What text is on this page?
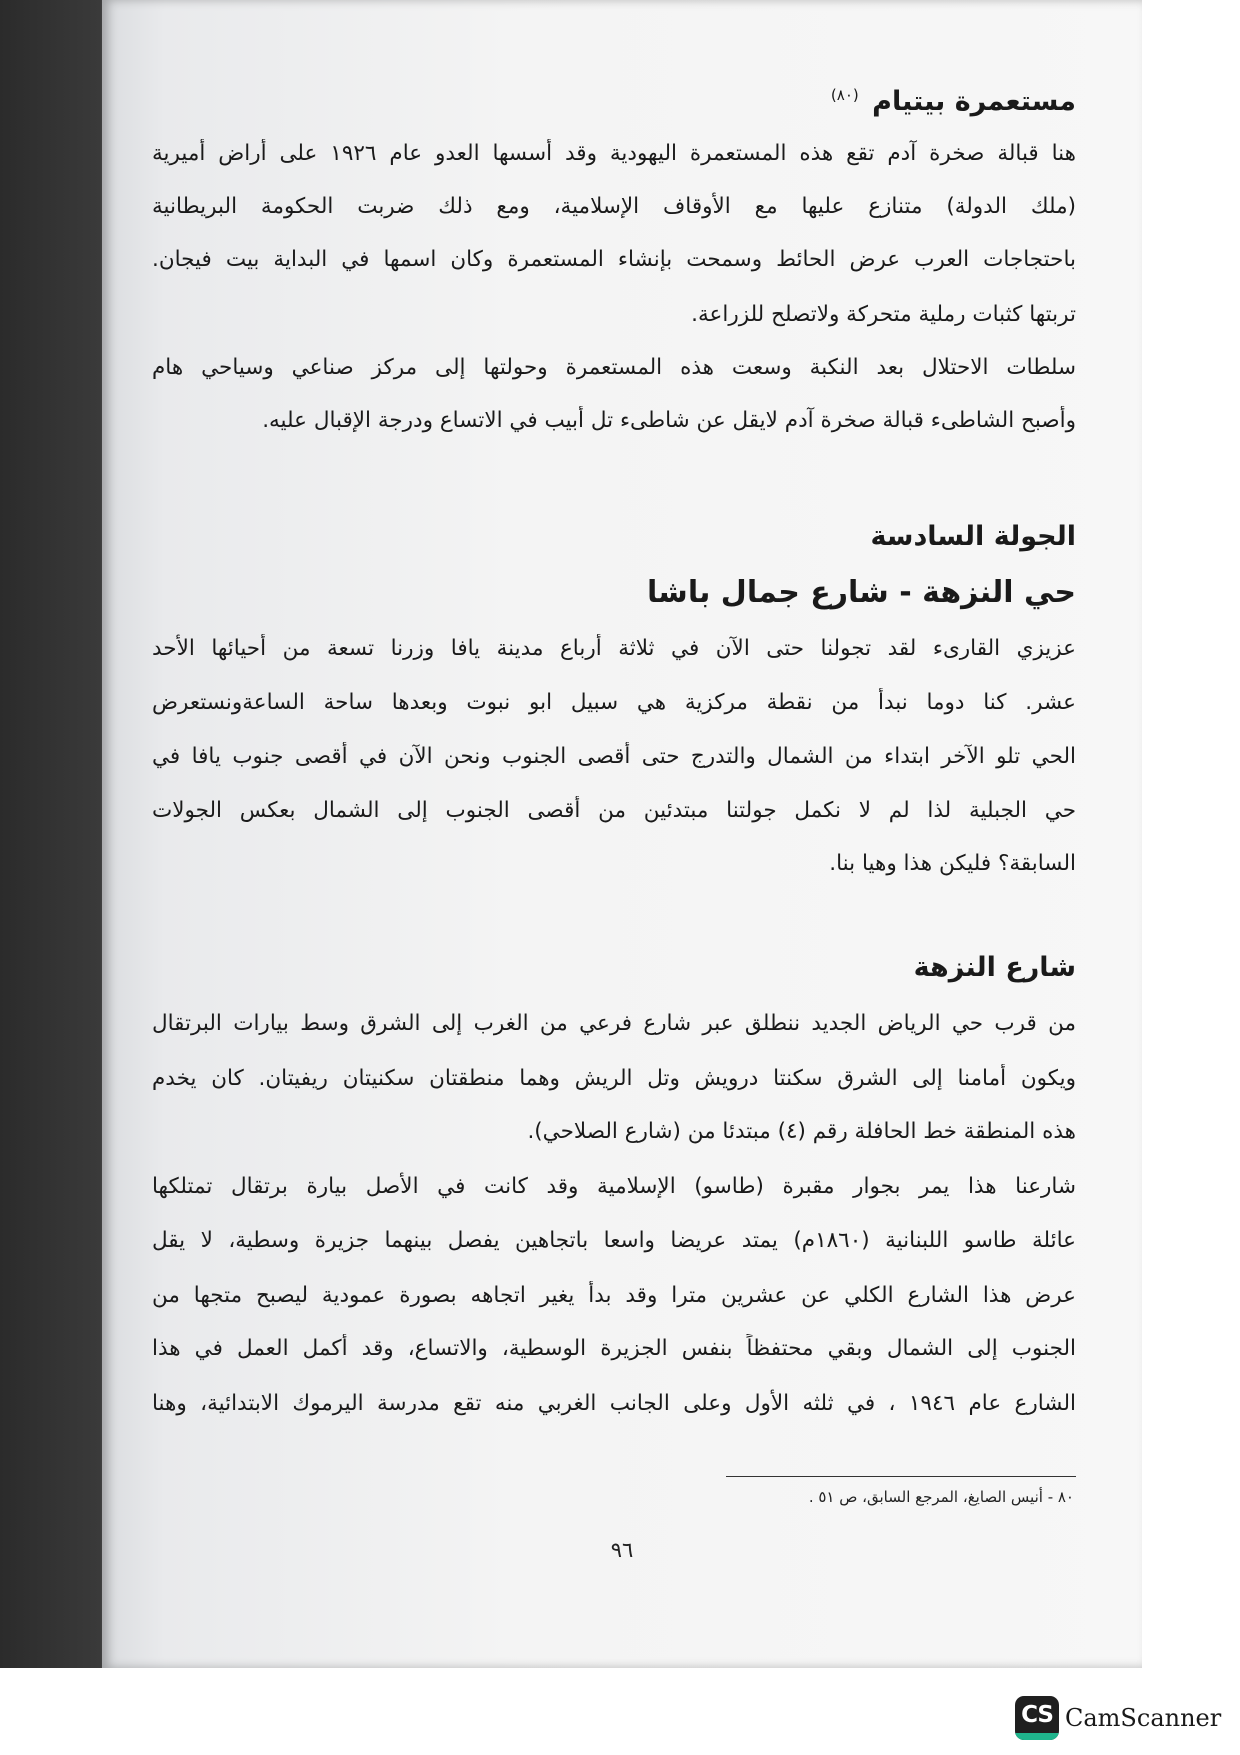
مستعمرة بيتيام $^{(٨٠)}$
هنا قبالة صخرة آدم تقع هذه المستعمرة اليهودية وقد أسسها العدو عام ١٩٢٦ على أراض أميرية
(ملك الدولة) متنازع عليها مع الأوقاف الإسلامية، ومع ذلك ضربت الحكومة البريطانية
باحتجاجات العرب عرض الحائط وسمحت بإنشاء المستعمرة وكان اسمها في البداية بيت فيجان.
تربتها كثبات رملية متحركة ولاتصلح للزراعة.
سلطات الاحتلال بعد النكبة وسعت هذه المستعمرة وحولتها إلى مركز صناعي وسياحي هام
وأصبح الشاطىء قبالة صخرة آدم لايقل عن شاطىء تل أبيب في الاتساع ودرجة الإقبال عليه.
الجولة السادسة
حي النزهة - شارع جمال باشا
عزيزي القارىء لقد تجولنا حتى الآن في ثلاثة أرباع مدينة يافا وزرنا تسعة من أحيائها الأحد
عشر. كنا دوما نبدأ من نقطة مركزية هي سبيل ابو نبوت وبعدها ساحة الساعةونستعرض
الحي تلو الآخر ابتداء من الشمال والتدرج حتى أقصى الجنوب ونحن الآن في أقصى جنوب يافا في
حي الجبلية لذا لم لا نكمل جولتنا مبتدئين من أقصى الجنوب إلى الشمال بعكس الجولات
السابقة؟ فليكن هذا وهيا بنا.
شارع النزهة
من قرب حي الرياض الجديد ننطلق عبر شارع فرعي من الغرب إلى الشرق وسط بيارات البرتقال
ويكون أمامنا إلى الشرق سكنتا درويش وتل الريش وهما منطقتان سكنيتان ريفيتان. كان يخدم
هذه المنطقة خط الحافلة رقم (٤) مبتدئا من (شارع الصلاحي).
شارعنا هذا يمر بجوار مقبرة (طاسو) الإسلامية وقد كانت في الأصل بيارة برتقال تمتلكها
عائلة طاسو اللبنانية (١٨٦٠م) يمتد عريضا واسعا باتجاهين يفصل بينهما جزيرة وسطية، لا يقل
عرض هذا الشارع الكلي عن عشرين مترا وقد بدأ يغير اتجاهه بصورة عمودية ليصبح متجها من
الجنوب إلى الشمال وبقي محتفظاً بنفس الجزيرة الوسطية، والاتساع، وقد أكمل العمل في هذا
الشارع عام ١٩٤٦ ، في ثلثه الأول وعلى الجانب الغربي منه تقع مدرسة اليرموك الابتدائية، وهنا
٨٠ - أنيس الصايغ، المرجع السابق، ص ٥١ .
٩٦
CS CamScanner
